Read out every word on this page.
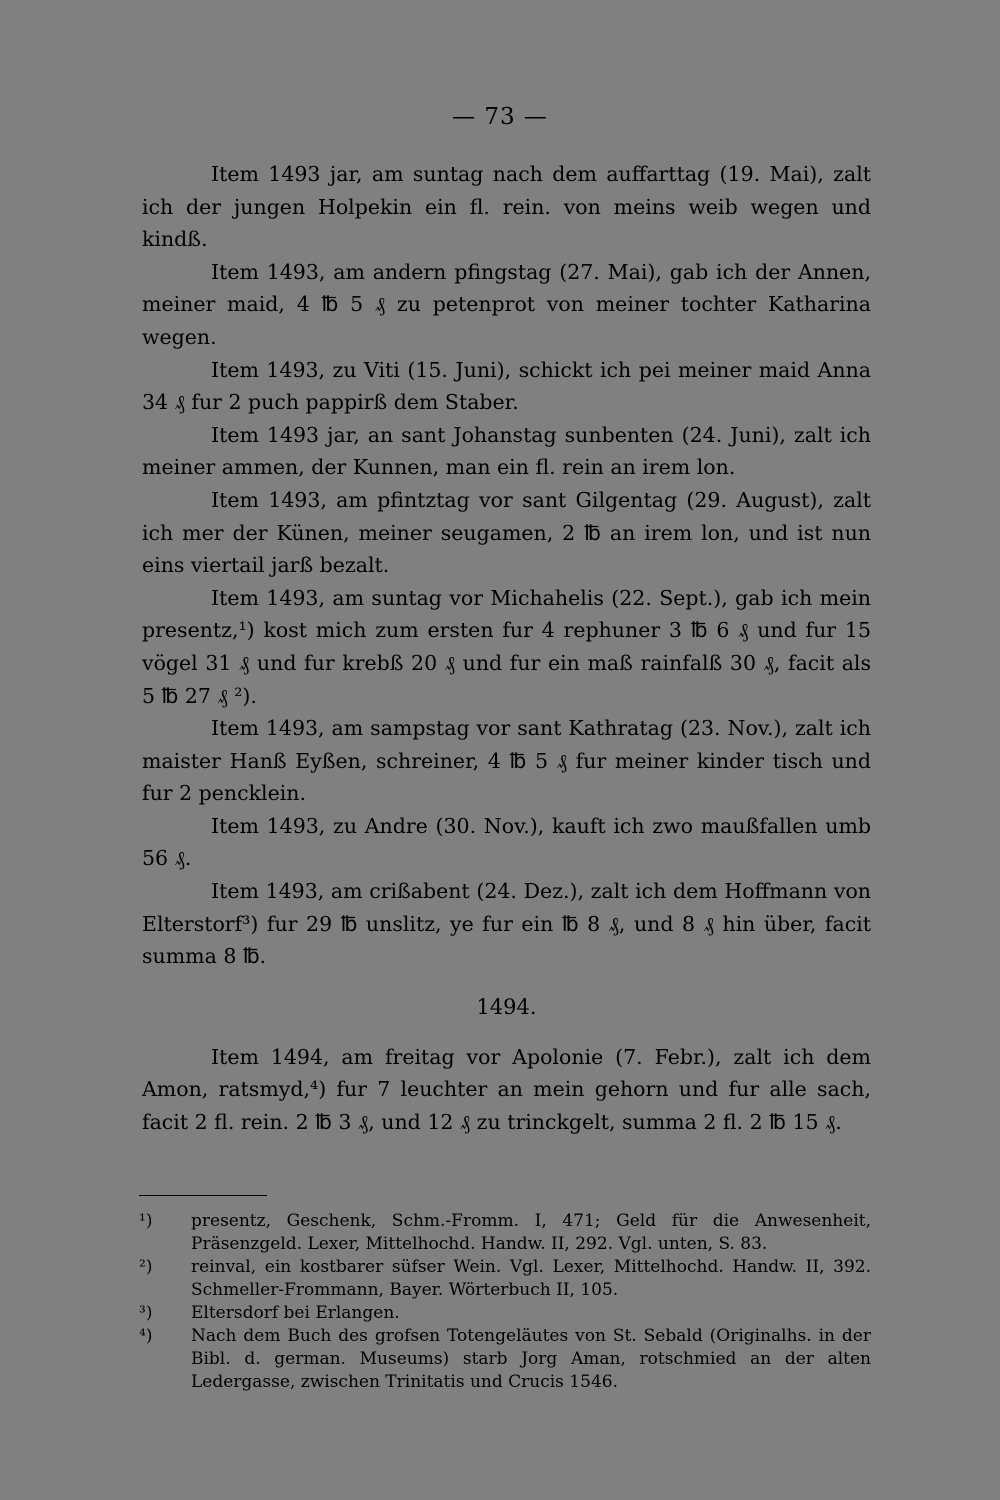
— 73 —

Item 1493 jar, am suntag nach dem auffarttag (19. Mai), zalt ich der jungen Holpekin ein fl. rein. von meins weib wegen und kindß.

Item 1493, am andern pfingstag (27. Mai), gab ich der Annen, meiner maid, 4 ℔ 5 ₰ zu petenprot von meiner tochter Katharina wegen.

Item 1493, zu Viti (15. Juni), schickt ich pei meiner maid Anna 34 ₰ fur 2 puch pappirß dem Staber.

Item 1493 jar, an sant Johanstag sunbenten (24. Juni), zalt ich meiner ammen, der Kunnen, man ein fl. rein an irem lon.

Item 1493, am pfintztag vor sant Gilgentag (29. August), zalt ich mer der Künen, meiner seugamen, 2 ℔ an irem lon, und ist nun eins viertail jarß bezalt.

Item 1493, am suntag vor Michahelis (22. Sept.), gab ich mein presentz,¹) kost mich zum ersten fur 4 rephuner 3 ℔ 6 ₰ und fur 15 vögel 31 ₰ und fur krebß 20 ₰ und fur ein maß rainfalß 30 ₰, facit als 5 ℔ 27 ₰ ²).

Item 1493, am sampstag vor sant Kathratag (23. Nov.), zalt ich maister Hanß Eyßen, schreiner, 4 ℔ 5 ₰ fur meiner kinder tisch und fur 2 pencklein.

Item 1493, zu Andre (30. Nov.), kauft ich zwo maußfallen umb 56 ₰.

Item 1493, am crißabent (24. Dez.), zalt ich dem Hoffmann von Elterstorf³) fur 29 ℔ unslitz, ye fur ein ℔ 8 ₰, und 8 ₰ hin über, facit summa 8 ℔.

1494.

Item 1494, am freitag vor Apolonie (7. Febr.), zalt ich dem Amon, ratsmyd,⁴) fur 7 leuchter an mein gehorn und fur alle sach, facit 2 fl. rein. 2 ℔ 3 ₰, und 12 ₰ zu trinckgelt, summa 2 fl. 2 ℔ 15 ₰.

¹) presentz, Geschenk, Schm.-Fromm. I, 471; Geld für die Anwesenheit, Präsenzgeld. Lexer, Mittelhochd. Handw. II, 292. Vgl. unten, S. 83.

²) reinval, ein kostbarer süfser Wein. Vgl. Lexer, Mittelhochd. Handw. II, 392. Schmeller-Frommann, Bayer. Wörterbuch II, 105.

³) Eltersdorf bei Erlangen.

⁴) Nach dem Buch des grofsen Totengeläutes von St. Sebald (Originalhs. in der Bibl. d. german. Museums) starb Jorg Aman, rotschmied an der alten Ledergasse, zwischen Trinitatis und Crucis 1546.
